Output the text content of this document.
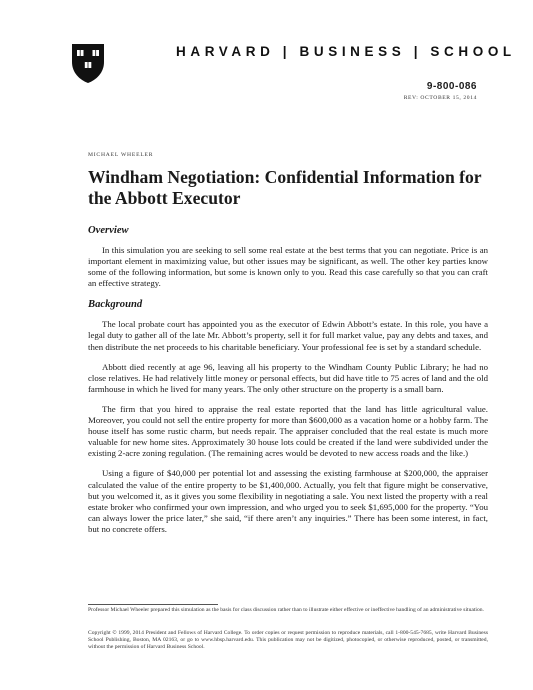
HARVARD | BUSINESS | SCHOOL
9-800-086
REV: OCTOBER 15, 2014
MICHAEL WHEELER
Windham Negotiation: Confidential Information for the Abbott Executor
Overview

In this simulation you are seeking to sell some real estate at the best terms that you can negotiate. Price is an important element in maximizing value, but other issues may be significant, as well. The other key parties know some of the following information, but some is known only to you. Read this case carefully so that you can craft an effective strategy.

Background

The local probate court has appointed you as the executor of Edwin Abbott’s estate. In this role, you have a legal duty to gather all of the late Mr. Abbott’s property, sell it for full market value, pay any debts and taxes, and then distribute the net proceeds to his charitable beneficiary. Your professional fee is set by a standard schedule.

Abbott died recently at age 96, leaving all his property to the Windham County Public Library; he had no close relatives. He had relatively little money or personal effects, but did have title to 75 acres of land and the old farmhouse in which he lived for many years. The only other structure on the property is a small barn.

The firm that you hired to appraise the real estate reported that the land has little agricultural value. Moreover, you could not sell the entire property for more than $600,000 as a vacation home or a hobby farm. The house itself has some rustic charm, but needs repair. The appraiser concluded that the real estate is much more valuable for new home sites. Approximately 30 house lots could be created if the land were subdivided under the existing 2-acre zoning regulation. (The remaining acres would be devoted to new access roads and the like.)

Using a figure of $40,000 per potential lot and assessing the existing farmhouse at $200,000, the appraiser calculated the value of the entire property to be $1,400,000. Actually, you felt that figure might be conservative, but you welcomed it, as it gives you some flexibility in negotiating a sale. You next listed the property with a real estate broker who confirmed your own impression, and who urged you to seek $1,695,000 for the property. “You can always lower the price later,” she said, “if there aren’t any inquiries.” There has been some interest, in fact, but no concrete offers.

Professor Michael Wheeler prepared this simulation as the basis for class discussion rather than to illustrate either effective or ineffective handling of an administrative situation.

Copyright © 1999, 2014 President and Fellows of Harvard College. To order copies or request permission to reproduce materials, call 1-800-545-7685, write Harvard Business School Publishing, Boston, MA 02163, or go to www.hbsp.harvard.edu. This publication may not be digitized, photocopied, or otherwise reproduced, posted, or transmitted, without the permission of Harvard Business School.
